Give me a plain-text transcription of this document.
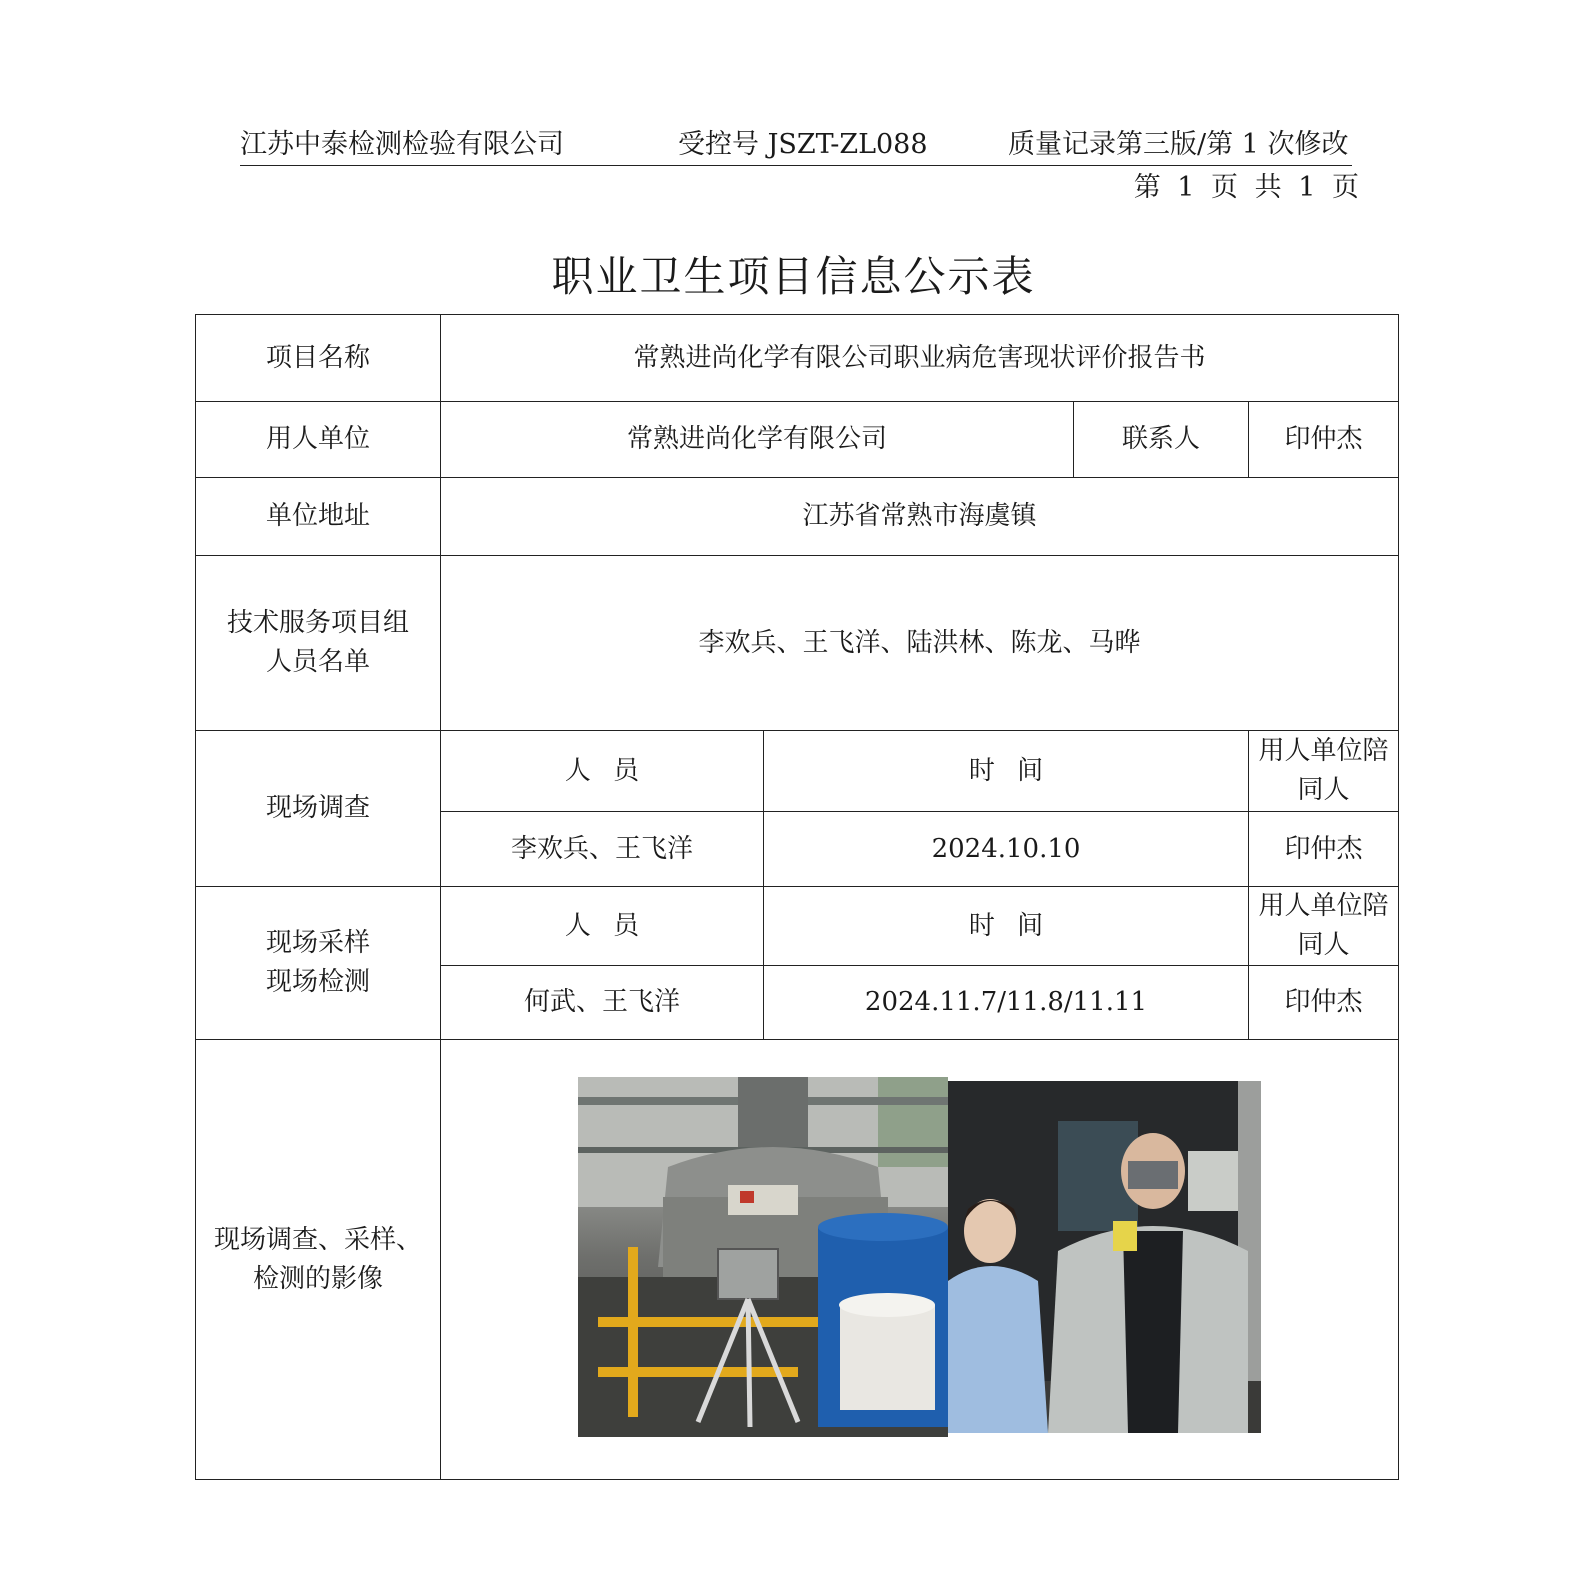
江苏中泰检测检验有限公司	受控号 JSZT-ZL088	质量记录第三版/第 1 次修改
第 1 页 共 1 页
职业卫生项目信息公示表
项目名称	常熟进尚化学有限公司职业病危害现状评价报告书			
用人单位	常熟进尚化学有限公司		联系人	印仲杰
单位地址	江苏省常熟市海虞镇			

技术服务项目组
人员名单	李欢兵、王飞洋、陆洪林、陈龙、马晔			
现场调查	人 员	时 间		用人单位陪同人
	李欢兵、王飞洋	2024.10.10		印仲杰

现场采样
现场检测	人 员	时 间		用人单位陪同人
	何武、王飞洋	2024.11.7/11.8/11.11		印仲杰

现场调查、采样、
检测的影像
